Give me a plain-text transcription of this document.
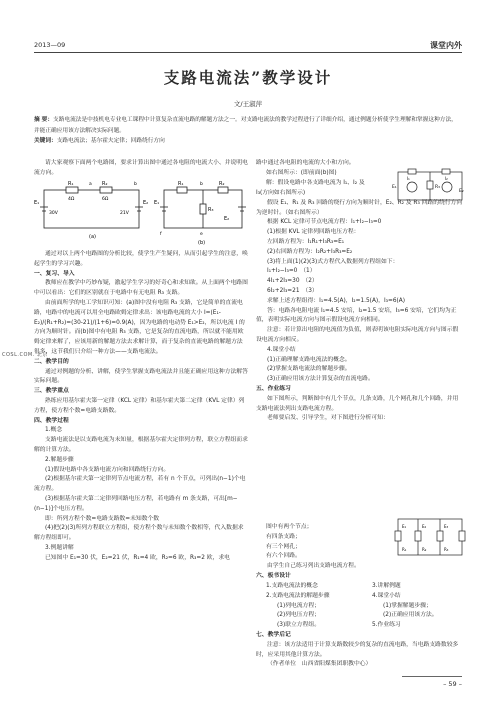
2013—09	课堂内外
支路电流法”教学设计
文/王淑萍
摘 要：支路电流法是中技机电专业电工课程中计算复杂直流电路的解题方法之一。对支路电流法的教学过程进行了详细介绍，通过例题分析使学生理解和掌握这种方法，并能正确应用该方法解决实际问题。
关键词：支路电流法；基尔霍夫定律；回路绕行方向

请大家观察下面两个电路图，要求计算出图中通过各电阻的电流大小、并说明电流方向。

R₁	R₂
4Ω	6Ω
E₁
30V	21V
E₂
a	b
(a)
R₁	R₂
R₃
E₁
E₂
b
e
f
(b)

通过对以上两个电路图的分析比较，使学生产生疑问，从而引起学生的注意，唤起学生的学习兴趣。

一、复习、导入

教师应在教学中巧妙布疑，激起学生学习的好奇心和求知欲。从上面两个电路图中可以看出：它们的区别就在于电路中有无电阻 R₃ 支路。

由前面所学的电工学知识可知：(a)图中没有电阻 R₃ 支路，它是简单的直流电路，电路中的电流可以用全电路欧姆定律求出：该电路电流的大小 I=(E₁-E₂)/(R₁+R₂)=(30-21)/(1+6)=0.9(A)，因为电路的电动势 E₁>E₂，所以电流 I 的方向为顺时针。而(b)图中有电阻 R₃ 支路，它是复杂的直流电路，所以就不能用欧姆定律来解了，应该用新的解题方法去求解计算，而于复杂的直流电路的解题方法很多，这节我们只介绍一种方法——支路电流法。

二、教学目的

通过对例题的分析、讲解，使学生掌握支路电流法并且能正确应用这种方法解答实际问题。

三、教学重点

熟练应用基尔霍夫第一定律（KCL 定律）和基尔霍夫第二定律（KVL 定律）列方程，使方程个数=电路支路数。

四、教学过程

1.概念

支路电流法是以支路电流为未知量，根据基尔霍夫定律列方程，联立方程组而求解的计算方法。

2.解题步骤

(1)假设电路中各支路电流方向和回路绕行方向。

(2)根据基尔霍夫第一定律列节点电流方程，若有 n 个节点，可列出(n−1)个电流方程。

(3)根据基尔霍夫第二定律列回路电压方程，若电路有 m 条支路，可出[m−(n−1)]个电压方程。

即：所列方程个数=电路支路数=未知数个数

(4)把(2)(3)所列方程联立方程组，使方程个数与未知数个数相等，代入数据求解方程组即可。

3.例题讲解

已知图中 E₁=30 伏，E₂=21 伏，R₁=4 欧，R₂=6 欧，R₃=2 欧，求电

COSL.COM. 北京

路中通过各电阻的电流的大小和方向。

如右图所示：(即前面(b)图)

解：假设电路中各支路电流为 I₁、I₂ 及

E₁
E₂
R₃
I₁	I₂

I₃(方向如右图所示)

假设 E₁、R₁ 及 R₃ 回路的绕行方向为顺时针，E₂、R₂ 及 R₃ 回路的绕行方向为逆时针。（如右图所示）

根据 KCL 定律可节点电流方程：I₁+I₂−I₃=0

(1)根据 KVL 定律列回路电压方程：

左回路方程为：I₁R₁+I₃R₃=E₁

(2)右回路方程为：I₂R₂+I₃R₃=E₂

(3)将上面(1)(2)(3)式方程代入数据列方程组如下：

I₁+I₂−I₃=0　（1）

4I₁+2I₃=30　（2）

6I₂+2I₃=21　（3）

求解上述方程组得：I₁=4.5(A)，I₂=1.5(A)，I₃=6(A)

答：电路各电阻电流 I₁=4.5 安培，I₂=1.5 安培，I₃=6 安培，它们均为正值，表明实际电流方向与图示假设电流方向相同。

注意：若计算出电阻的电流值为负值，则表明该电阻实际电流方向与图示假设电流方向相反。

4.课堂小结

(1)正确理解支路电流法的概念。

(2)掌握支路电流法的解题步骤。

(3)正确应用该方法计算复杂的直流电路。

五、作业练习

如下图所示，判断图中有几个节点，几条支路，几个网孔和几个回路，并用支路电流法列出支路电流方程。

老师要启发、引导学生，对下图进行分析可知：

图中有两个节点；

有四条支路；

有三个网孔；

有六个回路。

E₁	E₂	E₃
R₁	R₂	R₃

由学生自己练习列出支路电流方程。

六、板书设计

1.支路电流法的概念

2.支路电流法的解题步骤

(1)列电流方程；

(2)列电压方程；

(3)联立方程组。

3.讲解例题

4.课堂小结

(1)掌握解题步骤；

(2)正确应用该方法。

5.作业练习

七、教学后记

注意：该方法适用于计算支路数较少的复杂的直流电路，当电路支路数较多时，应采用其他计算方法。

（作者单位　山西省阳煤集团职教中心）

– 59 –
